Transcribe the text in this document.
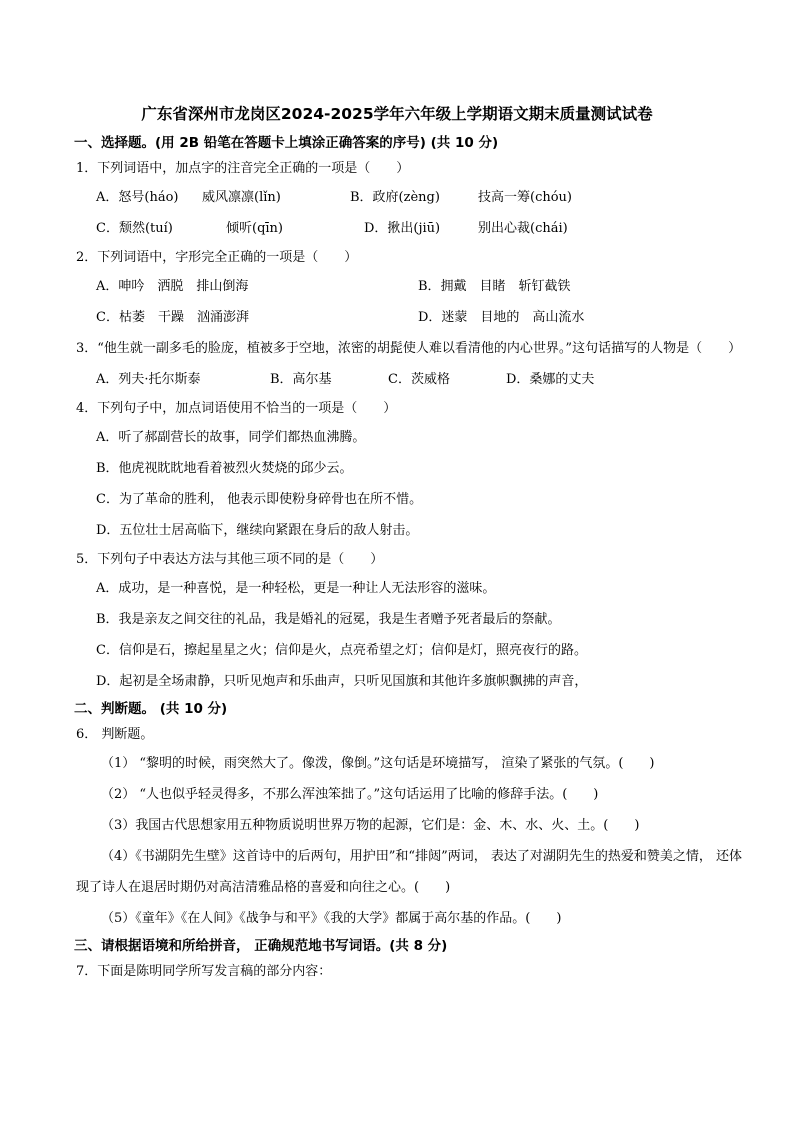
广东省深州市龙岗区2024-2025学年六年级上学期语文期末质量测试试卷
一、选择题。(用 2B 铅笔在答题卡上填涂正确答案的序号) (共 10 分)
1．下列词语中，加点字的注音完全正确的一项是（　　）
A．怒号(háo)	威风凛凛(lǐn)	B．政府(zèng)	技高一筹(chóu)
C．颓然(tuí)	倾听(qīn)	D．揪出(jiū)	别出心裁(chái)
2．下列词语中，字形完全正确的一项是（　　）
A．呻吟　洒脱　排山倒海	B．拥戴　目睹　斩钉截铁
C．枯萎　干躁　汹涌澎湃	D．迷蒙　目地的　高山流水
3．“他生就一副多毛的脸庞，植被多于空地，浓密的胡髭使人难以看清他的内心世界。”这句话描写的人物是（　　）
A．列夫·托尔斯泰	B．高尔基	C．茨威格	D．桑娜的丈夫
4．下列句子中，加点词语使用不恰当的一项是（　　）
A．听了郝副营长的故事，同学们都热血沸腾。
B．他虎视眈眈地看着被烈火焚烧的邱少云。
C．为了革命的胜利， 他表示即使粉身碎骨也在所不惜。
D．五位壮士居高临下，继续向紧跟在身后的敌人射击。
5．下列句子中表达方法与其他三项不同的是（　　）
A．成功，是一种喜悦，是一种轻松，更是一种让人无法形容的滋味。
B．我是亲友之间交往的礼品，我是婚礼的冠冕，我是生者赠予死者最后的祭献。
C．信仰是石，擦起星星之火；信仰是火，点亮希望之灯；信仰是灯，照亮夜行的路。
D．起初是全场肃静，只听见炮声和乐曲声，只听见国旗和其他许多旗帜飘拂的声音，
二、判断题。 (共 10 分)
6． 判断题。
（1） “黎明的时候，雨突然大了。像泼，像倒。”这句话是环境描写， 渲染了紧张的气氛。(　　)
（2） “人也似乎轻灵得多，不那么浑浊笨拙了。”这句话运用了比喻的修辞手法。(　　)
（3）我国古代思想家用五种物质说明世界万物的起源，它们是：金、木、水、火、土。(　　)
（4）《书湖阴先生壁》这首诗中的后两句，用护田”和“排闼”两词， 表达了对湖阴先生的热爱和赞美之情， 还体现了诗人在退居时期仍对高洁清雅品格的喜爱和向往之心。(　　)
（5）《童年》《在人间》《战争与和平》《我的大学》都属于高尔基的作品。(　　)
三、请根据语境和所给拼音， 正确规范地书写词语。(共 8 分)
7．下面是陈明同学所写发言稿的部分内容：
